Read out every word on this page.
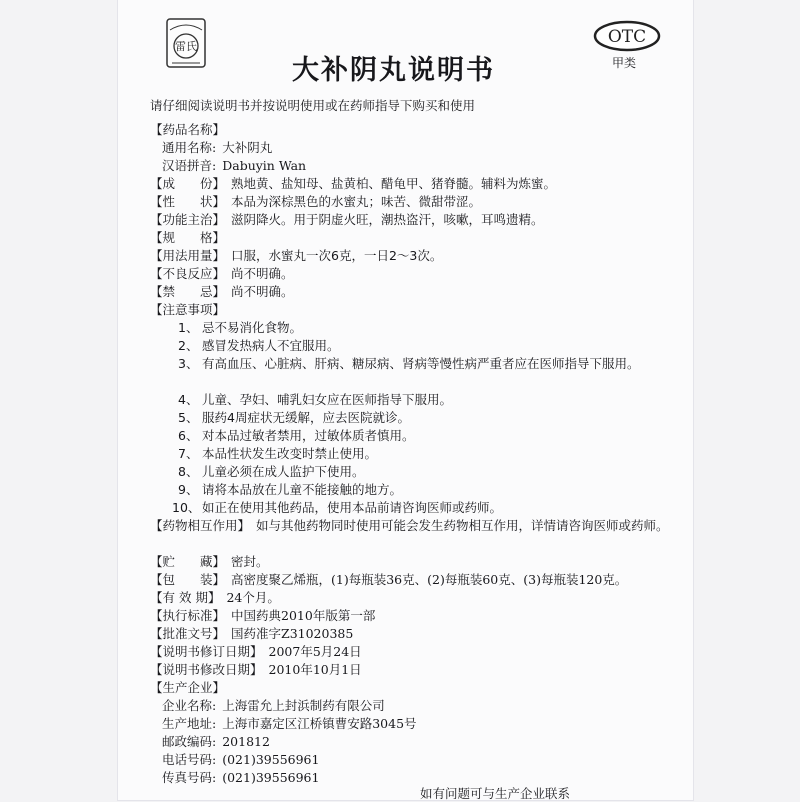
雷氏	OTC
甲类
大补阴丸说明书
请仔细阅读说明书并按说明使用或在药师指导下购买和使用
【药品名称】
通用名称: 大补阴丸
汉语拼音: Dabuyin Wan
【成　　份】 熟地黄、盐知母、盐黄柏、醋龟甲、猪脊髓。辅料为炼蜜。
【性　　状】 本品为深棕黑色的水蜜丸；味苦、微甜带涩。
【功能主治】 滋阴降火。用于阴虚火旺，潮热盗汗，咳嗽，耳鸣遗精。
【规　　格】
【用法用量】 口服，水蜜丸一次6克，一日2～3次。
【不良反应】 尚不明确。
【禁　　忌】 尚不明确。
【注意事项】
1、 忌不易消化食物。
2、 感冒发热病人不宜服用。
3、 有高血压、心脏病、肝病、糖尿病、肾病等慢性病严重者应在医师指导下服用。
4、 儿童、孕妇、哺乳妇女应在医师指导下服用。
5、 服药4周症状无缓解，应去医院就诊。
6、 对本品过敏者禁用，过敏体质者慎用。
7、 本品性状发生改变时禁止使用。
8、 儿童必须在成人监护下使用。
9、 请将本品放在儿童不能接触的地方。
10、 如正在使用其他药品，使用本品前请咨询医师或药师。
【药物相互作用】 如与其他药物同时使用可能会发生药物相互作用，详情请咨询医师或药师。
【贮　　藏】 密封。
【包　　装】 高密度聚乙烯瓶，(1)每瓶装36克、(2)每瓶装60克、(3)每瓶装120克。
【有 效 期】 24个月。
【执行标准】 中国药典2010年版第一部
【批准文号】 国药准字Z31020385
【说明书修订日期】 2007年5月24日
【说明书修改日期】 2010年10月1日
【生产企业】
企业名称: 上海雷允上封浜制药有限公司
生产地址: 上海市嘉定区江桥镇曹安路3045号
邮政编码: 201812
电话号码: (021)39556961
传真号码: (021)39556961
如有问题可与生产企业联系
